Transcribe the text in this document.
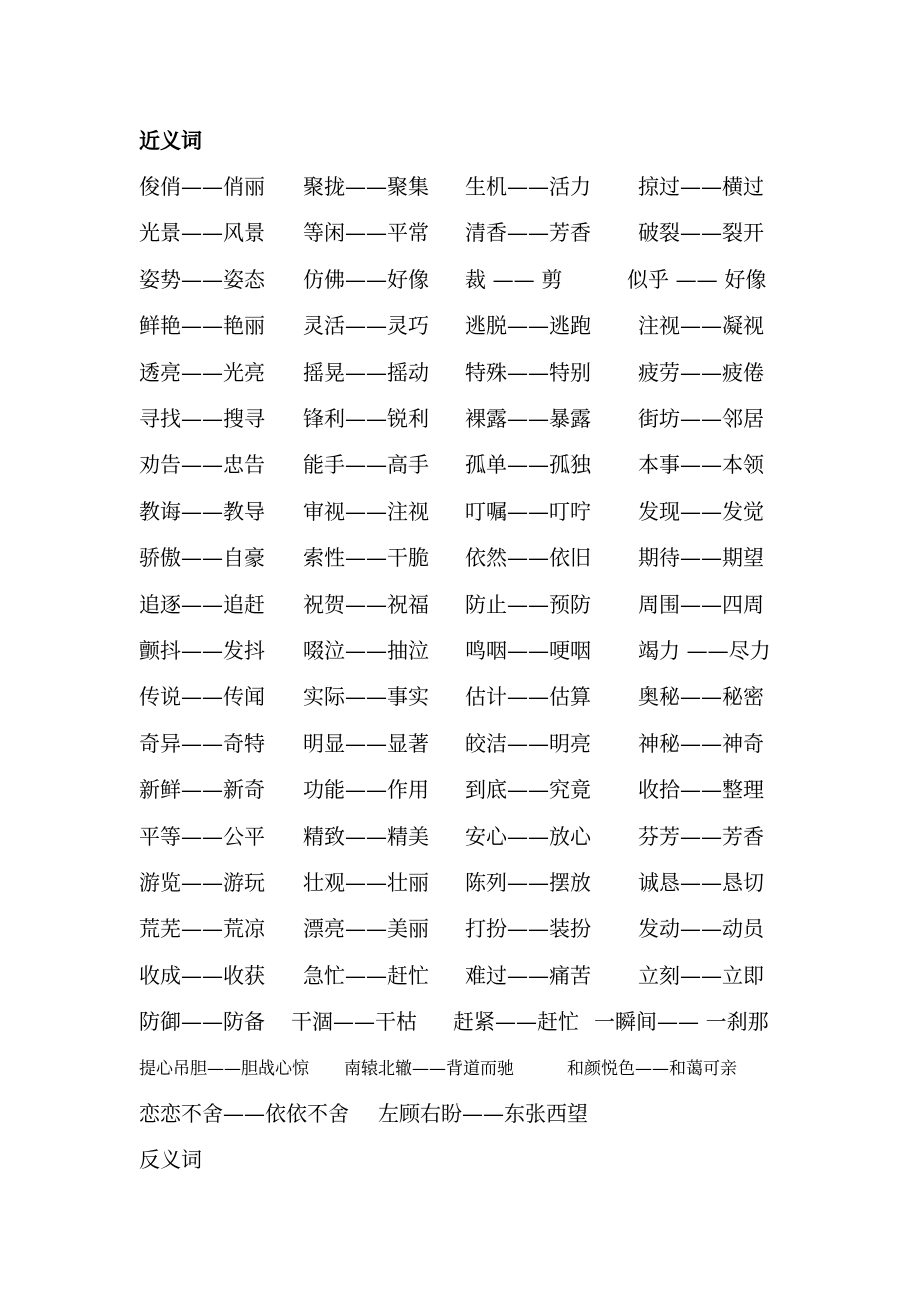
近义词
俊俏——俏丽 聚拢——聚集 生机——活力 掠过——横过
光景——风景 等闲——平常 清香——芳香 破裂——裂开
姿势——姿态 仿佛——好像 裁 —— 剪	似乎 —— 好像
鲜艳——艳丽 灵活——灵巧 逃脱——逃跑 注视——凝视
透亮——光亮 摇晃——摇动 特殊——特别 疲劳——疲倦
寻找——搜寻 锋利——锐利 裸露——暴露 街坊——邻居
劝告——忠告 能手——高手 孤单——孤独 本事——本领
教诲——教导 审视——注视 叮嘱——叮咛 发现——发觉
骄傲——自豪 索性——干脆 依然——依旧 期待——期望
追逐——追赶 祝贺——祝福 防止——预防 周围——四周
颤抖——发抖 啜泣——抽泣 鸣咽——哽咽 竭力 ——尽力
传说——传闻 实际——事实 估计——估算 奥秘——秘密
奇异——奇特 明显——显著 皎洁——明亮 神秘——神奇
新鲜——新奇 功能——作用 到底——究竟 收拾——整理
平等——公平 精致——精美 安心——放心 芬芳——芳香
游览——游玩 壮观——壮丽 陈列——摆放 诚恳——恳切
荒芜——荒凉 漂亮——美丽 打扮——装扮 发动——动员
收成——收获 急忙——赶忙 难过——痛苦 立刻——立即
防御——防备 干涸——干枯 赶紧——赶忙 一瞬间—— 一刹那
提心吊胆——胆战心惊 南辕北辙——背道而驰	和颜悦色——和蔼可亲
恋恋不舍——依依不舍 左顾右盼——东张西望
反义词
